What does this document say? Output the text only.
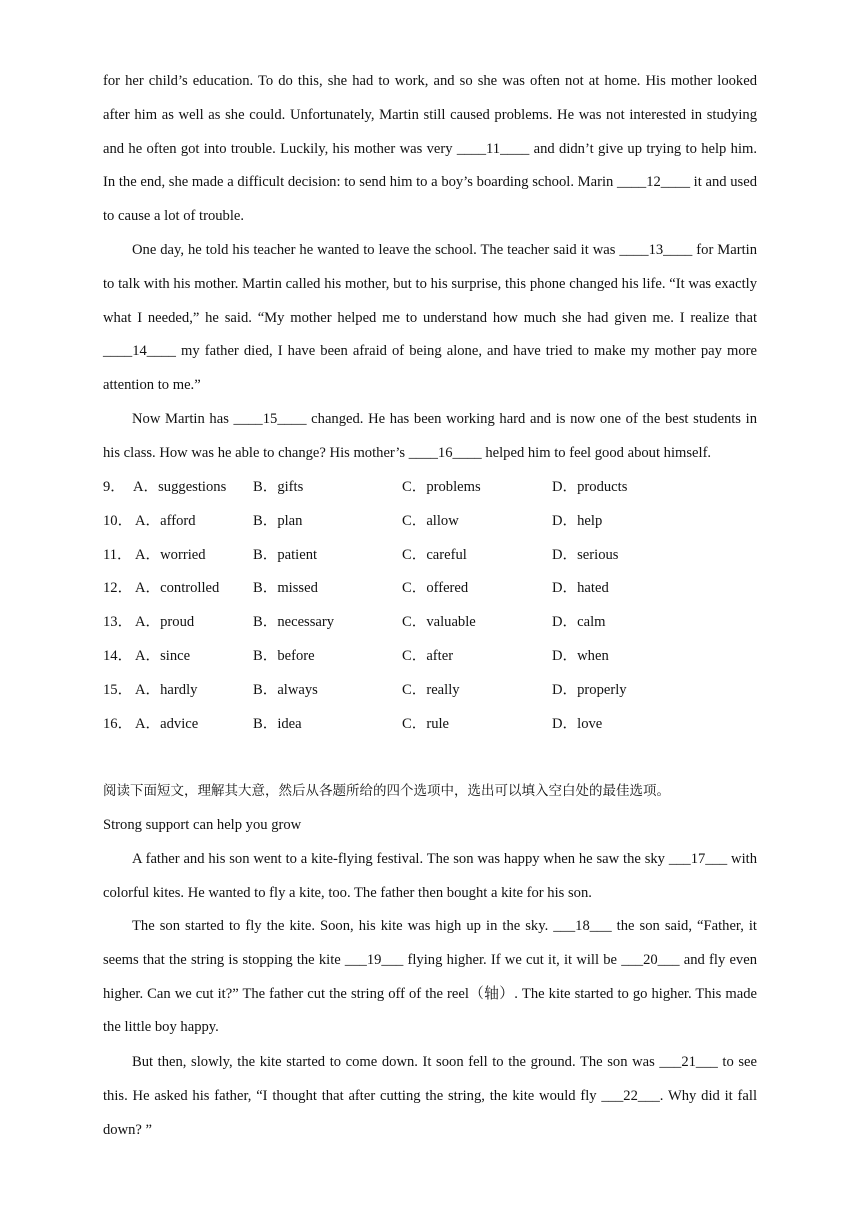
for her child’s education. To do this, she had to work, and so she was often not at home. His mother looked after him as well as she could. Unfortunately, Martin still caused problems. He was not interested in studying and he often got into trouble. Luckily, his mother was very ____11____ and didn’t give up trying to help him. In the end, she made a difficult decision: to send him to a boy’s boarding school. Marin ____12____ it and used to cause a lot of trouble.

One day, he told his teacher he wanted to leave the school. The teacher said it was ____13____ for Martin to talk with his mother. Martin called his mother, but to his surprise, this phone changed his life. “It was exactly what I needed,” he said. “My mother helped me to understand how much she had given me. I realize that ____14____ my father died, I have been afraid of being alone, and have tried to make my mother pay more attention to me.”

Now Martin has ____15____ changed. He has been working hard and is now one of the best students in his class. How was he able to change? His mother’s ____16____ helped him to feel good about himself.

9． A．suggestions B．gifts	C．problems	D．products
10． A．afford	B．plan	C．allow	D．help
11． A．worried	B．patient	C．careful	D．serious
12． A．controlled B．missed	C．offered	D．hated
13． A．proud	B．necessary	C．valuable	D．calm
14． A．since	B．before	C．after	D．when
15． A．hardly	B．always	C．really	D．properly
16． A．advice	B．idea	C．rule	D．love

阅读下面短文，理解其大意，然后从各题所给的四个选项中，选出可以填入空白处的最佳选项。

Strong support can help you grow

A father and his son went to a kite-flying festival. The son was happy when he saw the sky ___17___ with colorful kites. He wanted to fly a kite, too. The father then bought a kite for his son.

The son started to fly the kite. Soon, his kite was high up in the sky. ___18___ the son said, “Father, it seems that the string is stopping the kite ___19___ flying higher. If we cut it, it will be ___20___ and fly even higher. Can we cut it?” The father cut the string off of the reel（轴）. The kite started to go higher. This made the little boy happy.

But then, slowly, the kite started to come down. It soon fell to the ground. The son was ___21___ to see this. He asked his father, “I thought that after cutting the string, the kite would fly ___22___. Why did it fall down? ”
